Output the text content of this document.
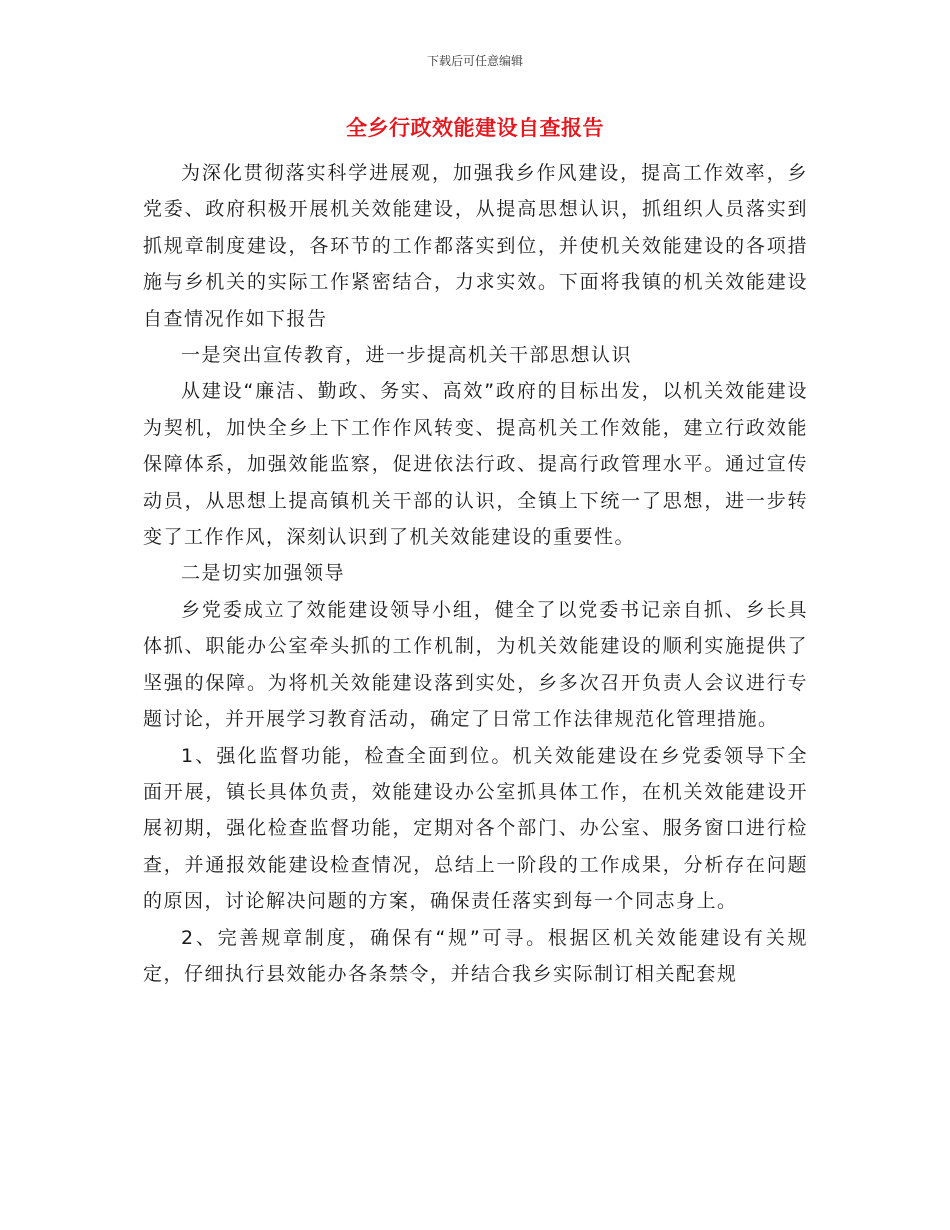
下载后可任意编辑
全乡行政效能建设自查报告

为深化贯彻落实科学进展观，加强我乡作风建设，提高工作效率，乡党委、政府积极开展机关效能建设，从提高思想认识，抓组织人员落实到抓规章制度建设，各环节的工作都落实到位，并使机关效能建设的各项措施与乡机关的实际工作紧密结合，力求实效。下面将我镇的机关效能建设自查情况作如下报告

一是突出宣传教育，进一步提高机关干部思想认识

从建设“廉洁、勤政、务实、高效”政府的目标出发，以机关效能建设为契机，加快全乡上下工作作风转变、提高机关工作效能，建立行政效能保障体系，加强效能监察，促进依法行政、提高行政管理水平。通过宣传动员，从思想上提高镇机关干部的认识，全镇上下统一了思想，进一步转变了工作作风，深刻认识到了机关效能建设的重要性。

二是切实加强领导

乡党委成立了效能建设领导小组，健全了以党委书记亲自抓、乡长具体抓、职能办公室牵头抓的工作机制，为机关效能建设的顺利实施提供了坚强的保障。为将机关效能建设落到实处，乡多次召开负责人会议进行专题讨论，并开展学习教育活动，确定了日常工作法律规范化管理措施。

1、强化监督功能，检查全面到位。机关效能建设在乡党委领导下全面开展，镇长具体负责，效能建设办公室抓具体工作，在机关效能建设开展初期，强化检查监督功能，定期对各个部门、办公室、服务窗口进行检查，并通报效能建设检查情况，总结上一阶段的工作成果，分析存在问题的原因，讨论解决问题的方案，确保责任落实到每一个同志身上。

2、完善规章制度，确保有“规”可寻。根据区机关效能建设有关规定，仔细执行县效能办各条禁令，并结合我乡实际制订相关配套规
